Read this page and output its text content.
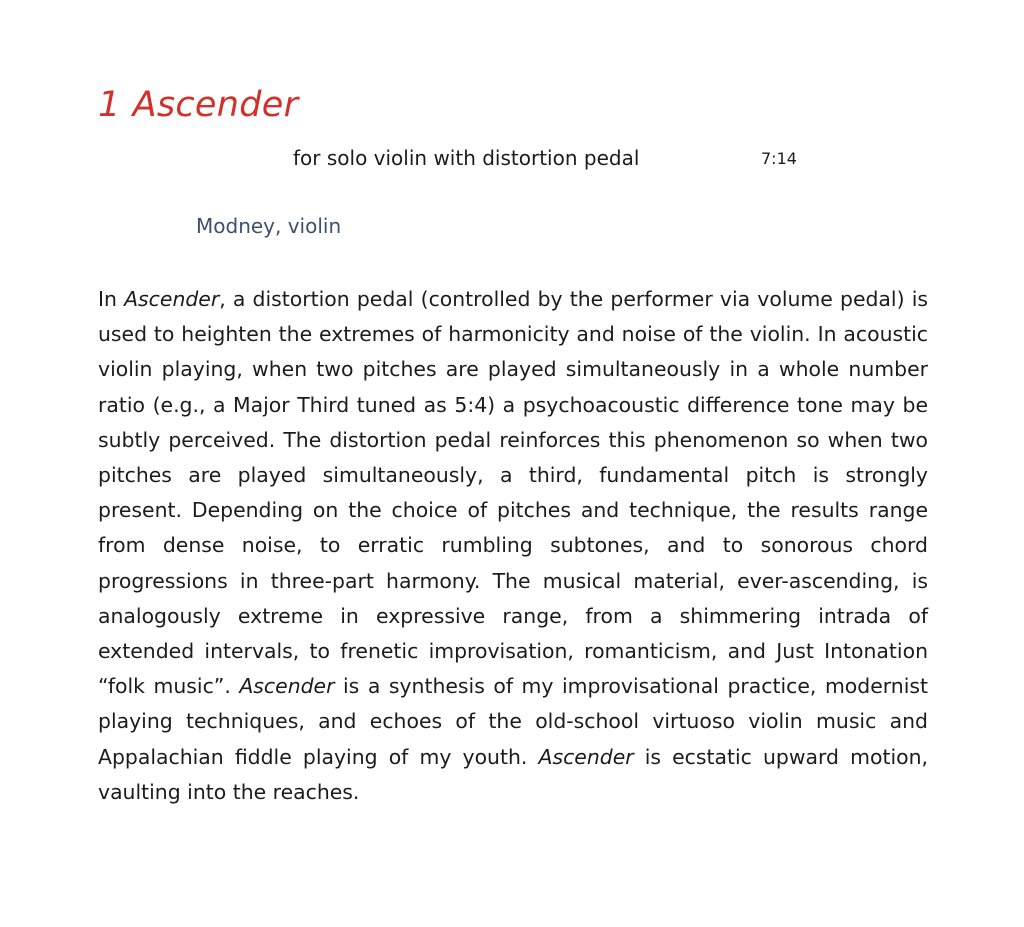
1 Ascender
for solo violin with distortion pedal	7:14
Modney, violin

In Ascender, a distortion pedal (controlled by the performer via volume pedal) is used to heighten the extremes of harmonicity and noise of the violin. In acoustic violin playing, when two pitches are played simultaneously in a whole number ratio (e.g., a Major Third tuned as 5:4) a psychoacoustic difference tone may be subtly perceived. The distortion pedal reinforces this phenomenon so when two pitches are played simultaneously, a third, fundamental pitch is strongly present. Depending on the choice of pitches and technique, the results range from dense noise, to erratic rumbling subtones, and to sonorous chord progressions in three-part harmony. The musical material, ever-ascending, is analogously extreme in expressive range, from a shimmering intrada of extended intervals, to frenetic improvisation, romanticism, and Just Intonation “folk music”. Ascender is a synthesis of my improvisational practice, modernist playing techniques, and echoes of the old-school virtuoso violin music and Appalachian fiddle playing of my youth. Ascender is ecstatic upward motion, vaulting into the reaches.
